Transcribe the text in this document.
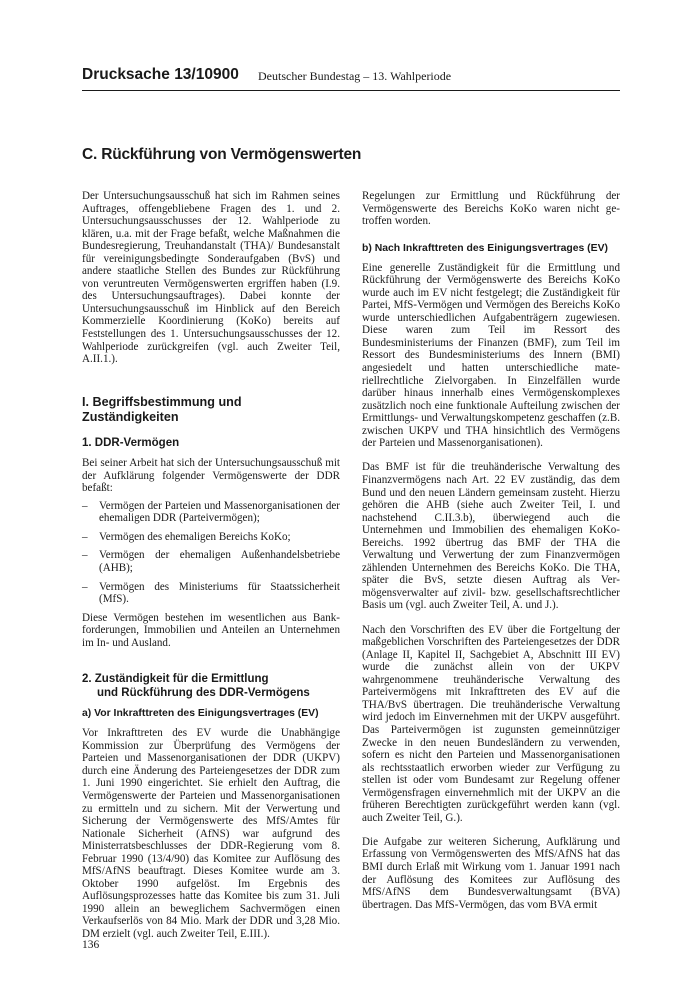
Drucksache 13/10900 Deutscher Bundestag – 13. Wahlperiode
C. Rückführung von Vermögenswerten

Der Untersuchungsausschuß hat sich im Rahmen seines Auftrages, offengebliebene Fragen des 1. und 2. Untersuchungsausschusses der 12. Wahlperiode zu klären, u.a. mit der Frage befaßt, welche Maßnahmen die Bundesregierung, Treuhandanstalt (THA)/ Bundesanstalt für vereinigungsbedingte Sonderaufgaben (BvS) und andere staatliche Stellen des Bundes zur Rückführung von veruntreuten Vermögenswerten ergriffen haben (I.9. des Untersuchungsauftrages). Dabei konnte der Untersuchungsausschuß im Hinblick auf den Bereich Kommerzielle Koordinierung (KoKo) bereits auf Feststellungen des 1. Untersuchungsausschusses der 12. Wahlperiode zurückgreifen (vgl. auch Zweiter Teil, A.II.1.).

I. Begriffsbestimmung und Zuständigkeiten
1. DDR-Vermögen

Bei seiner Arbeit hat sich der Untersuchungsausschuß mit der Aufklärung folgender Vermögenswerte der DDR befaßt:

– Vermögen der Parteien und Massenorganisationen der ehemaligen DDR (Parteivermögen);
– Vermögen des ehemaligen Bereichs KoKo;
– Vermögen der ehemaligen Außenhandelsbetriebe (AHB);
– Vermögen des Ministeriums für Staatssicherheit (MfS).

Diese Vermögen bestehen im wesentlichen aus Bankforderungen, Immobilien und Anteilen an Unternehmen im In- und Ausland.

2. Zuständigkeit für die Ermittlung
und Rückführung des DDR-Vermögens
a) Vor Inkrafttreten des Einigungsvertrages (EV)

Vor Inkrafttreten des EV wurde die Unabhängige Kommission zur Überprüfung des Vermögens der Parteien und Massenorganisationen der DDR (UKPV) durch eine Änderung des Parteiengesetzes der DDR zum 1. Juni 1990 eingerichtet. Sie erhielt den Auftrag, die Vermögenswerte der Parteien und Massenorganisationen zu ermitteln und zu sichern. Mit der Verwertung und Sicherung der Vermögenswerte des MfS/Amtes für Nationale Sicherheit (AfNS) war aufgrund des Ministerratsbeschlusses der DDR-Regierung vom 8. Februar 1990 (13/4/90) das Komitee zur Auflösung des MfS/AfNS beauftragt. Dieses Komitee wurde am 3. Oktober 1990 aufgelöst. Im Ergebnis des Auflösungsprozesses hatte das Komitee bis zum 31. Juli 1990 allein an beweglichem Sachvermögen einen Verkaufserlös von 84 Mio. Mark der DDR und 3,28 Mio. DM erzielt (vgl. auch Zweiter Teil, E.III.).

Regelungen zur Ermittlung und Rückführung der Vermögenswerte des Bereichs KoKo waren nicht getroffen worden.

b) Nach Inkrafttreten des Einigungsvertrages (EV)

Eine generelle Zuständigkeit für die Ermittlung und Rückführung der Vermögenswerte des Bereichs KoKo wurde auch im EV nicht festgelegt; die Zuständigkeit für Partei, MfS-Vermögen und Vermögen des Bereichs KoKo wurde unterschiedlichen Aufgabenträgern zugewiesen. Diese waren zum Teil im Ressort des Bundesministeriums der Finanzen (BMF), zum Teil im Ressort des Bundesministeriums des Innern (BMI) angesiedelt und hatten unterschiedliche materiellrechtliche Zielvorgaben. In Einzelfällen wurde darüber hinaus innerhalb eines Vermögenskomplexes zusätzlich noch eine funktionale Aufteilung zwischen der Ermittlungs- und Verwaltungskompetenz geschaffen (z.B. zwischen UKPV und THA hinsichtlich des Vermögens der Parteien und Massenorganisationen).

Das BMF ist für die treuhänderische Verwaltung des Finanzvermögens nach Art. 22 EV zuständig, das dem Bund und den neuen Ländern gemeinsam zusteht. Hierzu gehören die AHB (siehe auch Zweiter Teil, I. und nachstehend C.II.3.b), überwiegend auch die Unternehmen und Immobilien des ehemaligen KoKo-Bereichs. 1992 übertrug das BMF der THA die Verwaltung und Verwertung der zum Finanzvermögen zählenden Unternehmen des Bereichs KoKo. Die THA, später die BvS, setzte diesen Auftrag als Vermögensverwalter auf zivil- bzw. gesellschaftsrechtlicher Basis um (vgl. auch Zweiter Teil, A. und J.).

Nach den Vorschriften des EV über die Fortgeltung der maßgeblichen Vorschriften des Parteiengesetzes der DDR (Anlage II, Kapitel II, Sachgebiet A, Abschnitt III EV) wurde die zunächst allein von der UKPV wahrgenommene treuhänderische Verwaltung des Parteivermögens mit Inkrafttreten des EV auf die THA/BvS übertragen. Die treuhänderische Verwaltung wird jedoch im Einvernehmen mit der UKPV ausgeführt. Das Parteivermögen ist zugunsten gemeinnütziger Zwecke in den neuen Bundesländern zu verwenden, sofern es nicht den Parteien und Massenorganisationen als rechtsstaatlich erworben wieder zur Verfügung zu stellen ist oder vom Bundesamt zur Regelung offener Vermögensfragen einvernehmlich mit der UKPV an die früheren Berechtigten zurückgeführt werden kann (vgl. auch Zweiter Teil, G.).

Die Aufgabe zur weiteren Sicherung, Aufklärung und Erfassung von Vermögenswerten des MfS/AfNS hat das BMI durch Erlaß mit Wirkung vom 1. Januar 1991 nach der Auflösung des Komitees zur Auflösung des MfS/AfNS dem Bundesverwaltungsamt (BVA) übertragen. Das MfS-Vermögen, das vom BVA ermit

136
